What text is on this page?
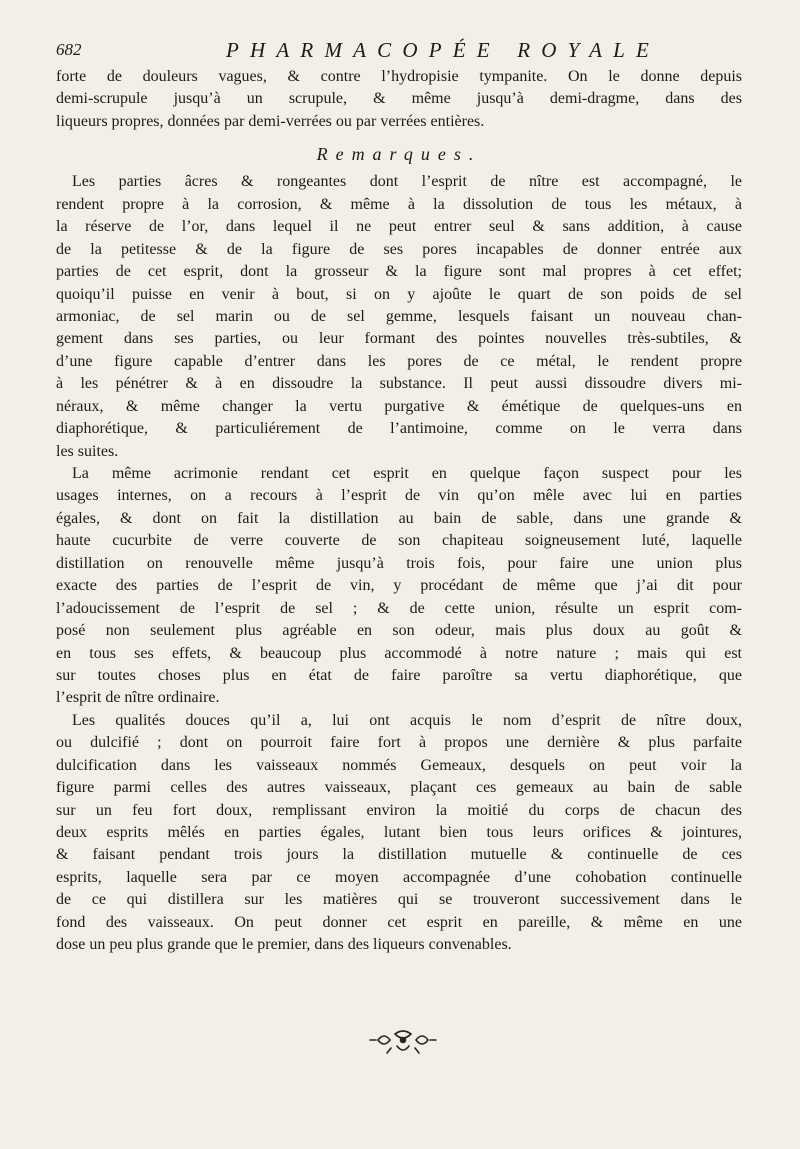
682	PHARMACOPÉE ROYALE
forte de douleurs vagues, & contre l’hydropisie tympanite. On le donne depuis
demi-scrupule jusqu’à un scrupule, & même jusqu’à demi-dragme, dans des
liqueurs propres, données par demi-verrées ou par verrées entières.
Remarques.
Les parties âcres & rongeantes dont l’esprit de nître est accompagné, le
rendent propre à la corrosion, & même à la dissolution de tous les métaux, à
la réserve de l’or, dans lequel il ne peut entrer seul & sans addition, à cause
de la petitesse & de la figure de ses pores incapables de donner entrée aux
parties de cet esprit, dont la grosseur & la figure sont mal propres à cet effet;
quoiqu’il puisse en venir à bout, si on y ajoûte le quart de son poids de sel
armoniac, de sel marin ou de sel gemme, lesquels faisant un nouveau chan-
gement dans ses parties, ou leur formant des pointes nouvelles très-subtiles, &
d’une figure capable d’entrer dans les pores de ce métal, le rendent propre
à les pénétrer & à en dissoudre la substance. Il peut aussi dissoudre divers mi-
néraux, & même changer la vertu purgative & émétique de quelques-uns en
diaphorétique, & particuliérement de l’antimoine, comme on le verra dans
les suites.
La même acrimonie rendant cet esprit en quelque façon suspect pour les
usages internes, on a recours à l’esprit de vin qu’on mêle avec lui en parties
égales, & dont on fait la distillation au bain de sable, dans une grande &
haute cucurbite de verre couverte de son chapiteau soigneusement luté, laquelle
distillation on renouvelle même jusqu’à trois fois, pour faire une union plus
exacte des parties de l’esprit de vin, y procédant de même que j’ai dit pour
l’adoucissement de l’esprit de sel ; & de cette union, résulte un esprit com-
posé non seulement plus agréable en son odeur, mais plus doux au goût &
en tous ses effets, & beaucoup plus accommodé à notre nature ; mais qui est
sur toutes choses plus en état de faire paroître sa vertu diaphorétique, que
l’esprit de nître ordinaire.
Les qualités douces qu’il a, lui ont acquis le nom d’esprit de nître doux,
ou dulcifié ; dont on pourroit faire fort à propos une dernière & plus parfaite
dulcification dans les vaisseaux nommés Gemeaux, desquels on peut voir la
figure parmi celles des autres vaisseaux, plaçant ces gemeaux au bain de sable
sur un feu fort doux, remplissant environ la moitié du corps de chacun des
deux esprits mêlés en parties égales, lutant bien tous leurs orifices & jointures,
& faisant pendant trois jours la distillation mutuelle & continuelle de ces
esprits, laquelle sera par ce moyen accompagnée d’une cohobation continuelle
de ce qui distillera sur les matières qui se trouveront successivement dans le
fond des vaisseaux. On peut donner cet esprit en pareille, & même en une
dose un peu plus grande que le premier, dans des liqueurs convenables.
